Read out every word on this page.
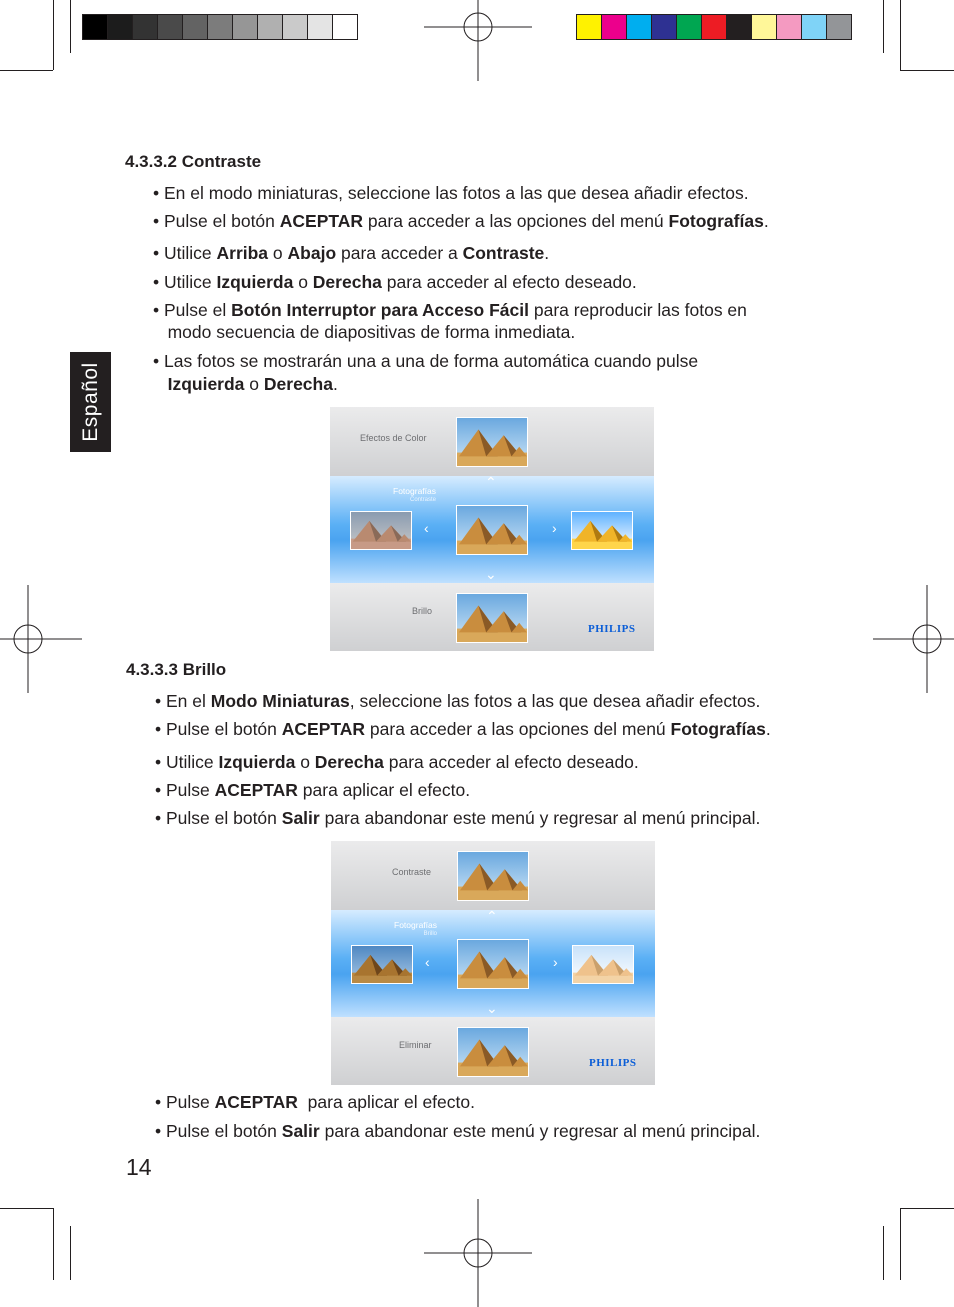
Español
4.3.3.2 Contraste

• En el modo miniaturas, seleccione las fotos a las que desea añadir efectos.

• Pulse el botón ACEPTAR para acceder a las opciones del menú Fotografías.

• Utilice Arriba o Abajo para acceder a Contraste.

• Utilice Izquierda o Derecha para acceder al efecto deseado.

• Pulse el Botón Interruptor para Acceso Fácil para reproducir las fotos en

modo secuencia de diapositivas de forma inmediata.

• Las fotos se mostrarán una a una de forma automática cuando pulse

Izquierda o Derecha.

Efectos de Color
⌃
Fotografías
Contraste
‹	›
⌄
Brillo
PHILIPS
4.3.3.3 Brillo

• En el Modo Miniaturas, seleccione las fotos a las que desea añadir efectos.

• Pulse el botón ACEPTAR para acceder a las opciones del menú Fotografías.

• Utilice Izquierda o Derecha para acceder al efecto deseado.

• Pulse ACEPTAR para aplicar el efecto.

• Pulse el botón Salir para abandonar este menú y regresar al menú principal.

Contraste
⌃
Fotografías
Brillo
‹	›
⌄
Eliminar
PHILIPS

• Pulse ACEPTAR  para aplicar el efecto.

• Pulse el botón Salir para abandonar este menú y regresar al menú principal.

14
